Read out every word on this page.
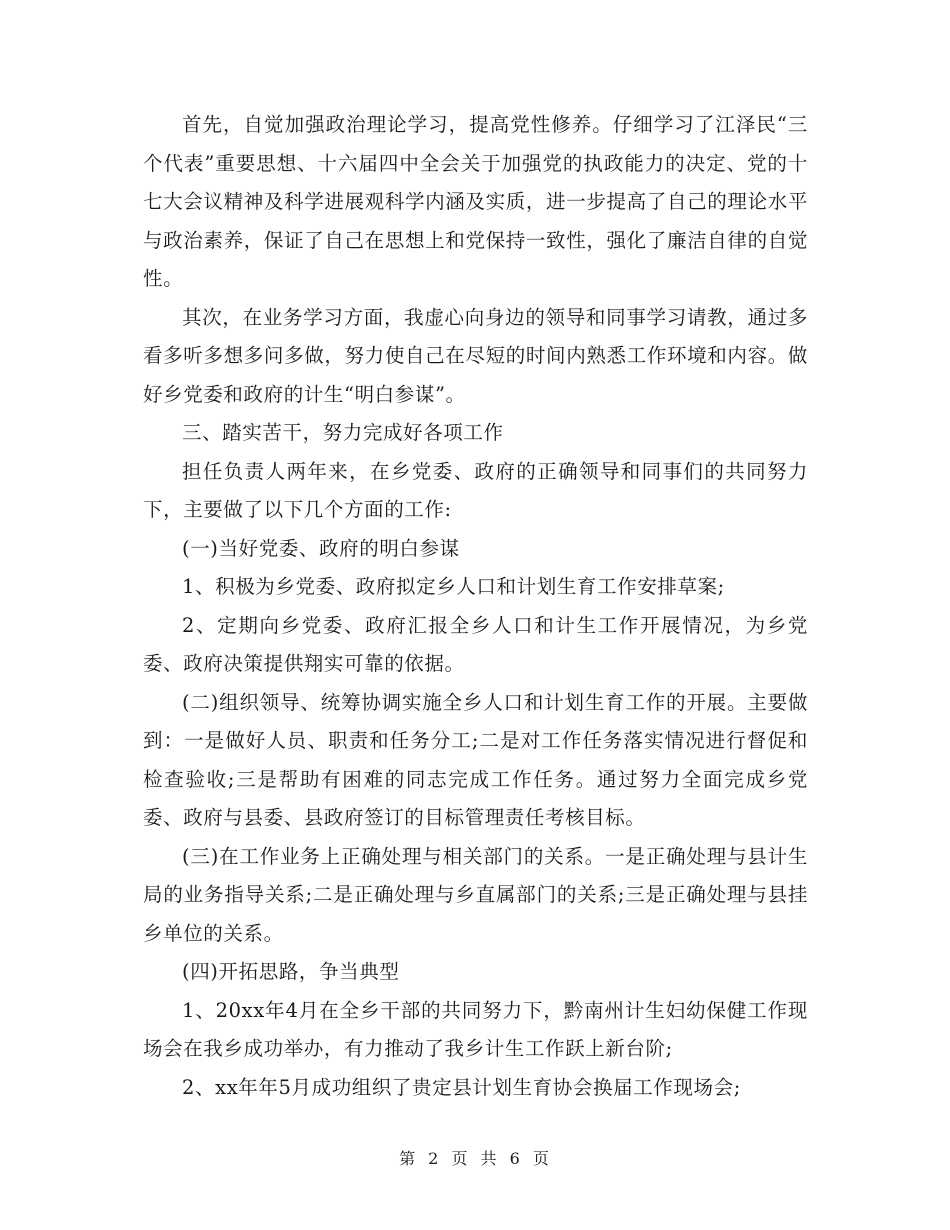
首先，自觉加强政治理论学习，提高党性修养。仔细学习了江泽民“三个代表”重要思想、十六届四中全会关于加强党的执政能力的决定、党的十七大会议精神及科学进展观科学内涵及实质，进一步提高了自己的理论水平与政治素养，保证了自己在思想上和党保持一致性，强化了廉洁自律的自觉性。

其次，在业务学习方面，我虚心向身边的领导和同事学习请教，通过多看多听多想多问多做，努力使自己在尽短的时间内熟悉工作环境和内容。做好乡党委和政府的计生“明白参谋”。

三、踏实苦干，努力完成好各项工作

担任负责人两年来，在乡党委、政府的正确领导和同事们的共同努力下，主要做了以下几个方面的工作:

(一)当好党委、政府的明白参谋

1、积极为乡党委、政府拟定乡人口和计划生育工作安排草案;

2、定期向乡党委、政府汇报全乡人口和计生工作开展情况，为乡党委、政府决策提供翔实可靠的依据。

(二)组织领导、统筹协调实施全乡人口和计划生育工作的开展。主要做到：一是做好人员、职责和任务分工;二是对工作任务落实情况进行督促和检查验收;三是帮助有困难的同志完成工作任务。通过努力全面完成乡党委、政府与县委、县政府签订的目标管理责任考核目标。

(三)在工作业务上正确处理与相关部门的关系。一是正确处理与县计生局的业务指导关系;二是正确处理与乡直属部门的关系;三是正确处理与县挂乡单位的关系。

(四)开拓思路，争当典型

1、20xx年4月在全乡干部的共同努力下，黔南州计生妇幼保健工作现场会在我乡成功举办，有力推动了我乡计生工作跃上新台阶;

2、xx年年5月成功组织了贵定县计划生育协会换届工作现场会;

第 2 页 共 6 页
